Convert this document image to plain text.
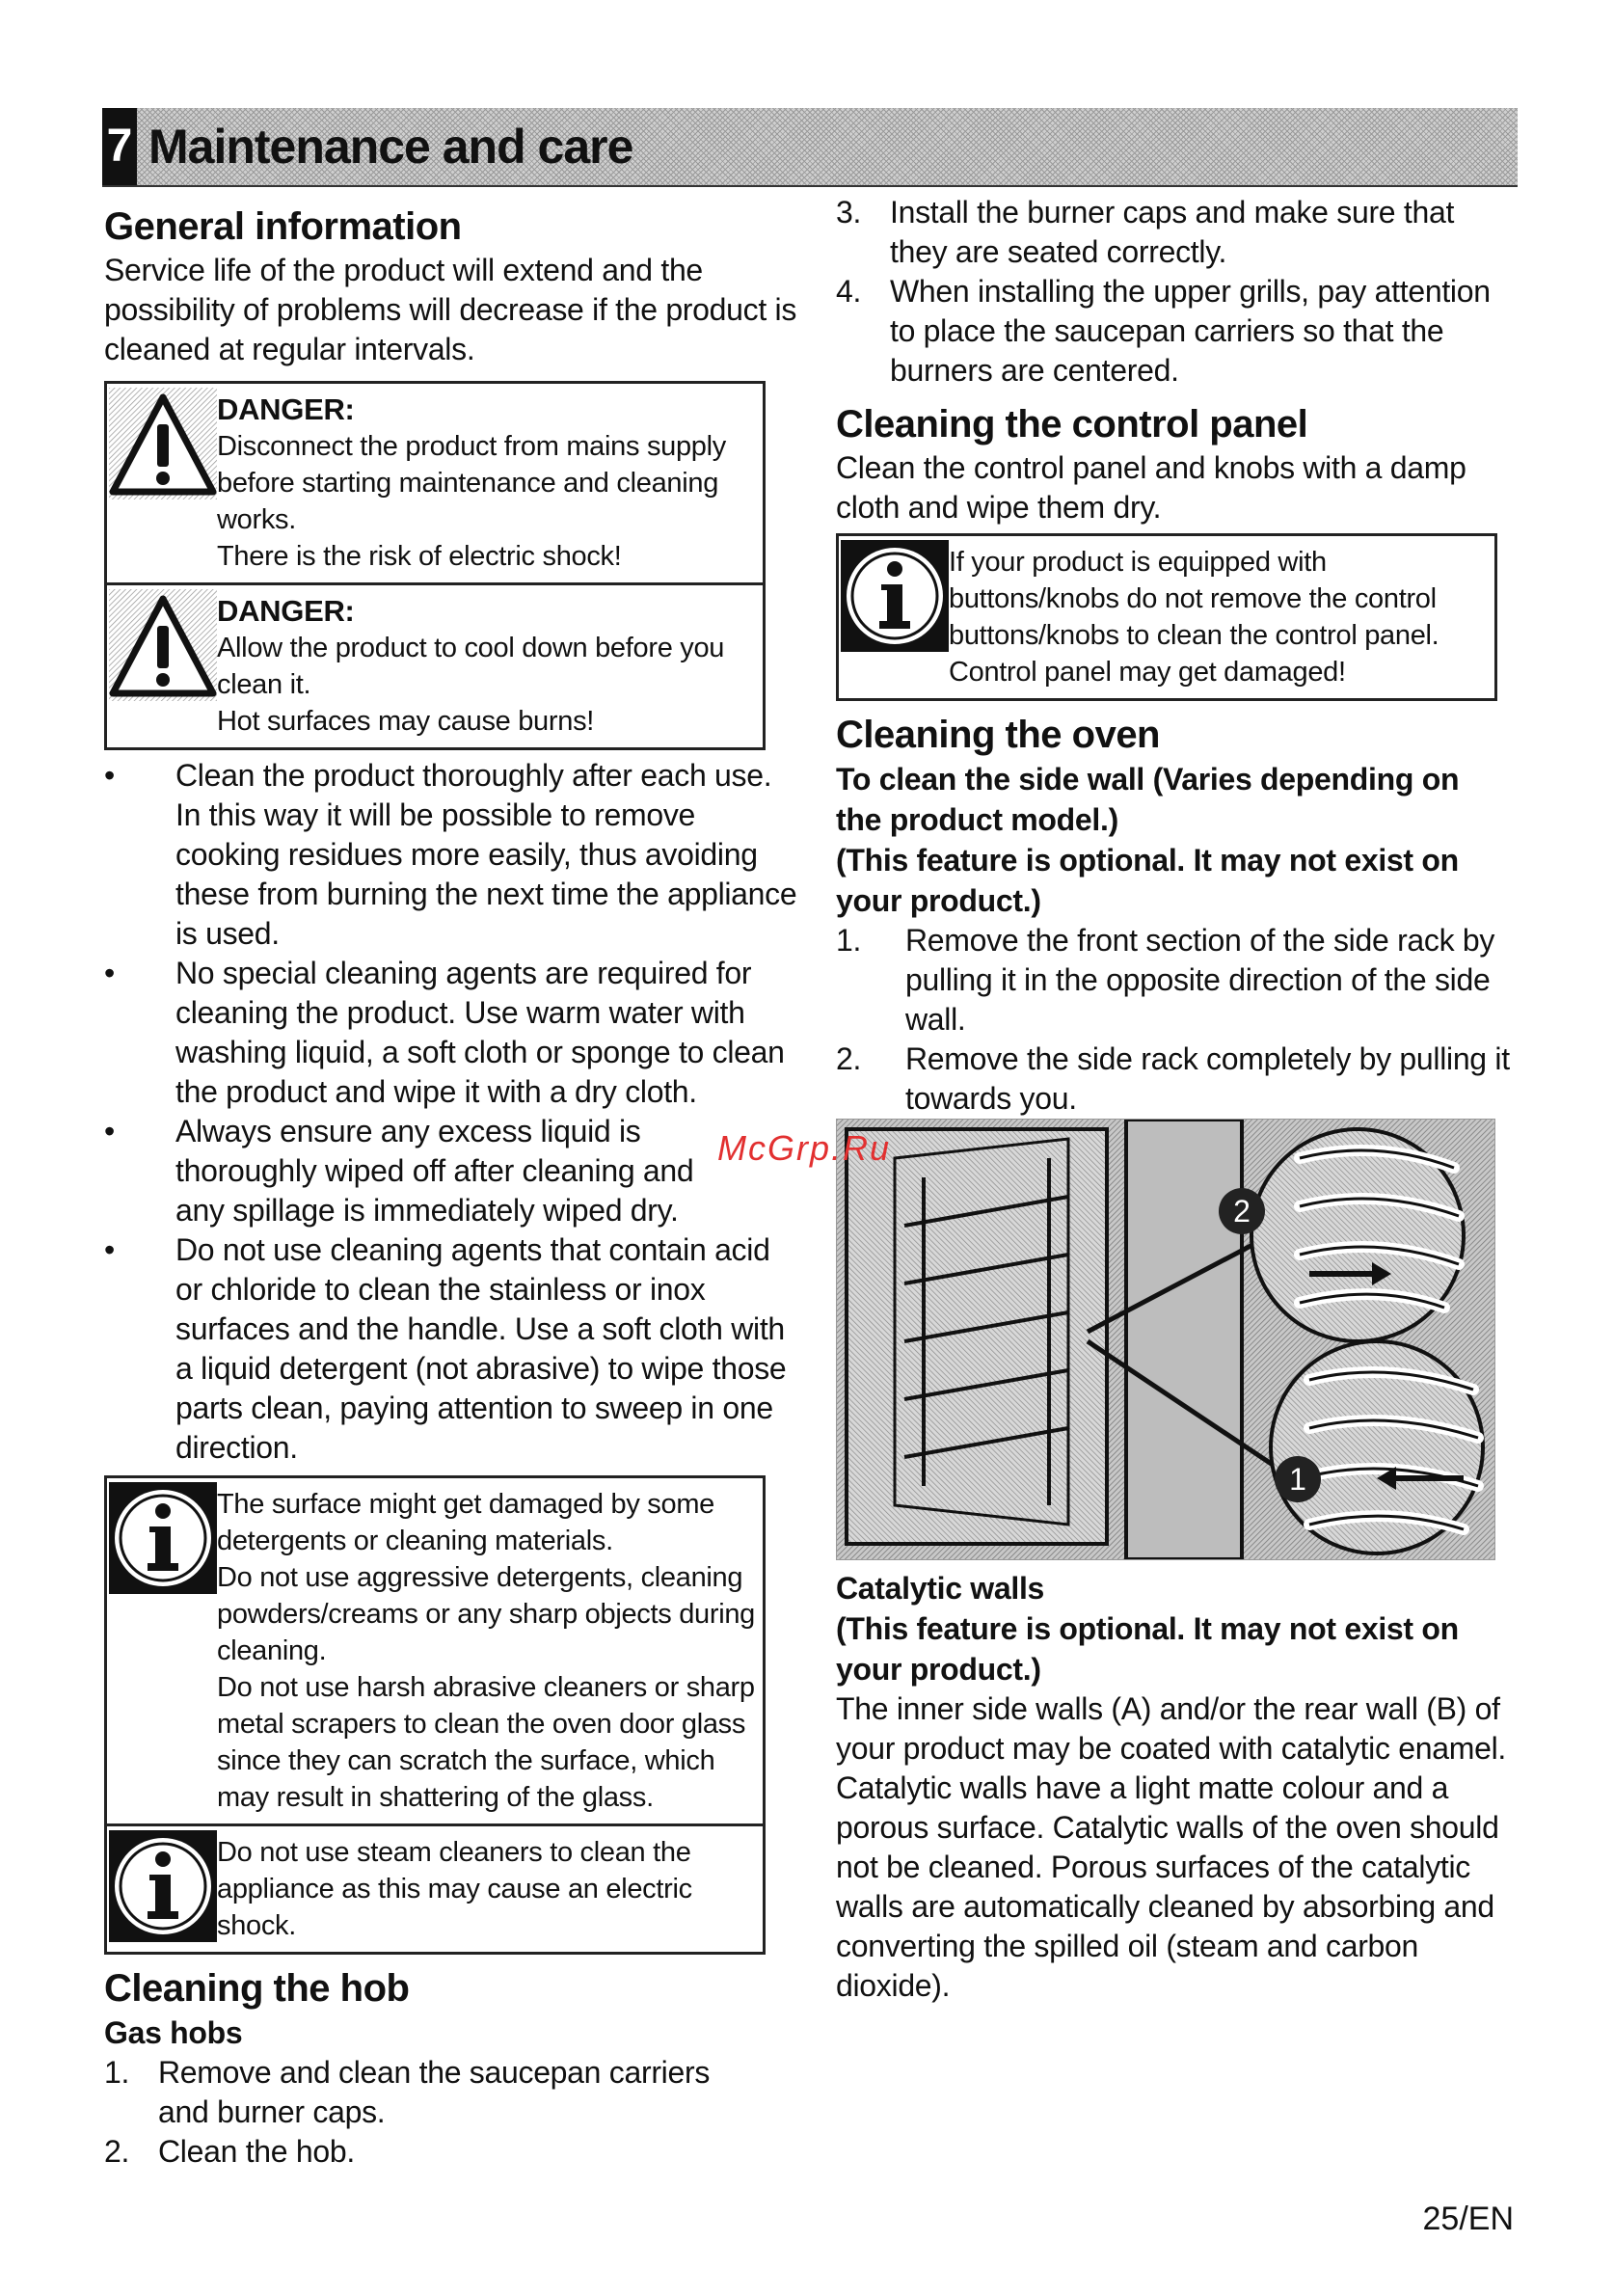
7 Maintenance and care
General information

Service life of the product will extend and the possibility of problems will decrease if the product is cleaned at regular intervals.

DANGER:
Disconnect the product from mains supply before starting maintenance and cleaning works.
There is the risk of electric shock!
DANGER:
Allow the product to cool down before you clean it.
Hot surfaces may cause burns!
• Clean the product thoroughly after each use. In this way it will be possible to remove cooking residues more easily, thus avoiding these from burning the next time the appliance is used.
• No special cleaning agents are required for cleaning the product. Use warm water with washing liquid, a soft cloth or sponge to clean the product and wipe it with a dry cloth.
• Always ensure any excess liquid is thoroughly wiped off after cleaning and any spillage is immediately wiped dry.
• Do not use cleaning agents that contain acid or chloride to clean the stainless or inox surfaces and the handle. Use a soft cloth with a liquid detergent (not abrasive) to wipe those parts clean, paying attention to sweep in one direction.
The surface might get damaged by some detergents or cleaning materials.
Do not use aggressive detergents, cleaning powders/creams or any sharp objects during cleaning.
Do not use harsh abrasive cleaners or sharp metal scrapers to clean the oven door glass since they can scratch the surface, which may result in shattering of the glass.
Do not use steam cleaners to clean the appliance as this may cause an electric shock.
Cleaning the hob
Gas hobs
1. Remove and clean the saucepan carriers and burner caps.
2. Clean the hob.
3. Install the burner caps and make sure that they are seated correctly.
4. When installing the upper grills, pay attention to place the saucepan carriers so that the burners are centered.
Cleaning the control panel

Clean the control panel and knobs with a damp cloth and wipe them dry.

If your product is equipped with buttons/knobs do not remove the control buttons/knobs to clean the control panel.
Control panel may get damaged!
Cleaning the oven
To clean the side wall (Varies depending on the product model.)
(This feature is optional. It may not exist on your product.)
1. Remove the front section of the side rack by pulling it in the opposite direction of the side wall.
2. Remove the side rack completely by pulling it towards you.
2
1
Catalytic walls
(This feature is optional. It may not exist on your product.)

The inner side walls (A) and/or the rear wall (B) of your product may be coated with catalytic enamel. Catalytic walls have a light matte colour and a porous surface. Catalytic walls of the oven should not be cleaned. Porous surfaces of the catalytic walls are automatically cleaned by absorbing and converting the spilled oil (steam and carbon dioxide).

McGrp.Ru
25/EN
